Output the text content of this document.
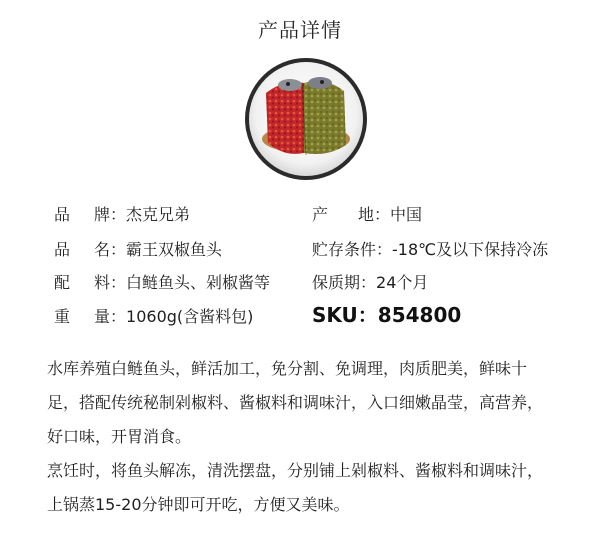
产品详情
品 牌：杰克兄弟
品 名：霸王双椒鱼头
配 料：白鲢鱼头、剁椒酱等
重 量：1060g(含酱料包)
产 地：中国
贮存条件：-18℃及以下保持冷冻
保质期：24个月
SKU：854800

水库养殖白鲢鱼头，鲜活加工，免分割、免调理，肉质肥美，鲜味十足，搭配传统秘制剁椒料、酱椒料和调味汁，入口细嫩晶莹，高营养，好口味，开胃消食。

烹饪时，将鱼头解冻，清洗摆盘，分别铺上剁椒料、酱椒料和调味汁，上锅蒸15-20分钟即可开吃，方便又美味。
